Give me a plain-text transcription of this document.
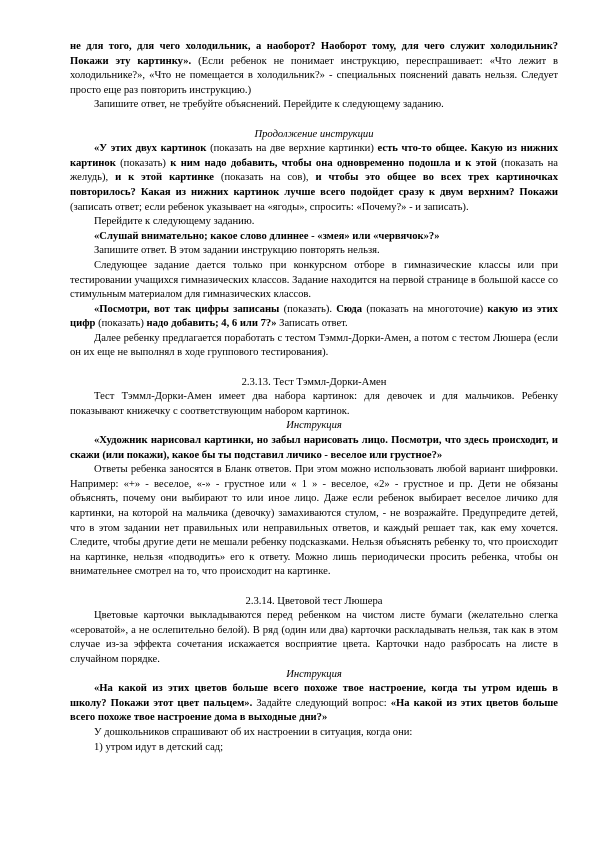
не для того, для чего холодильник, а наоборот? Наоборот тому, для чего служит холодильник? Покажи эту картинку». (Если ребенок не понимает инструкцию, переспрашивает: «Что лежит в холодильнике?», «Что не помещается в холодильник?» - специальных пояснений давать нельзя. Следует просто еще раз повторить инструкцию.)

Запишите ответ, не требуйте объяснений. Перейдите к следующему заданию.

Продолжение инструкции

«У этих двух картинок (показать на две верхние картинки) есть что-то общее. Какую из нижних картинок (показать) к ним надо добавить, чтобы она одновременно подошла и к этой (показать на желудь), и к этой картинке (показать на сов), и чтобы это общее во всех трех картиночках повторилось? Какая из нижних картинок лучше всего подойдет сразу к двум верхним? Покажи (записать ответ; если ребенок указывает на «ягоды», спросить: «Почему?» - и записать).

Перейдите к следующему заданию.

«Слушай внимательно; какое слово длиннее - «змея» или «червячок»?»

Запишите ответ. В этом задании инструкцию повторять нельзя.

Следующее задание дается только при конкурсном отборе в гимназические классы или при тестировании учащихся гимназических классов. Задание находится на первой странице в большой кассе со стимульным материалом для гимназических классов.

«Посмотри, вот так цифры записаны (показать). Сюда (показать на многоточие) какую из этих цифр (показать) надо добавить; 4, 6 или 7?» Записать ответ.

Далее ребенку предлагается поработать с тестом Тэммл-Дорки-Амен, а потом с тестом Люшера (если он их еще не выполнял в ходе группового тестирования).

2.3.13. Тест Тэммл-Дорки-Амен

Тест Тэммл-Дорки-Амен имеет два набора картинок: для девочек и для мальчиков. Ребенку показывают книжечку с соответствующим набором картинок.

Инструкция

«Художник нарисовал картинки, но забыл нарисовать лицо. Посмотри, что здесь происходит, и скажи (или покажи), какое бы ты подставил личико - веселое или грустное?»

Ответы ребенка заносятся в Бланк ответов. При этом можно использовать любой вариант шифровки. Например: «+» - веселое, «-» - грустное или « 1 » - веселое, «2» - грустное и пр. Дети не обязаны объяснять, почему они выбирают то или иное лицо. Даже если ребенок выбирает веселое личико для картинки, на которой на мальчика (девочку) замахиваются стулом, - не возражайте. Предупредите детей, что в этом задании нет правильных или неправильных ответов, и каждый решает так, как ему хочется. Следите, чтобы другие дети не мешали ребенку подсказками. Нельзя объяснять ребенку то, что происходит на картинке, нельзя «подводить» его к ответу. Можно лишь периодически просить ребенка, чтобы он внимательнее смотрел на то, что происходит на картинке.

2.3.14. Цветовой тест Люшера

Цветовые карточки выкладываются перед ребенком на чистом листе бумаги (желательно слегка «сероватой», а не ослепительно белой). В ряд (один или два) карточки раскладывать нельзя, так как в этом случае из-за эффекта сочетания искажается восприятие цвета. Карточки надо разбросать на листе в случайном порядке.

Инструкция

«На какой из этих цветов больше всего похоже твое настроение, когда ты утром идешь в школу? Покажи этот цвет пальцем». Задайте следующий вопрос: «На какой из этих цветов больше всего похоже твое настроение дома в выходные дни?»

У дошкольников спрашивают об их настроении в ситуация, когда они:

1) утром идут в детский сад;
